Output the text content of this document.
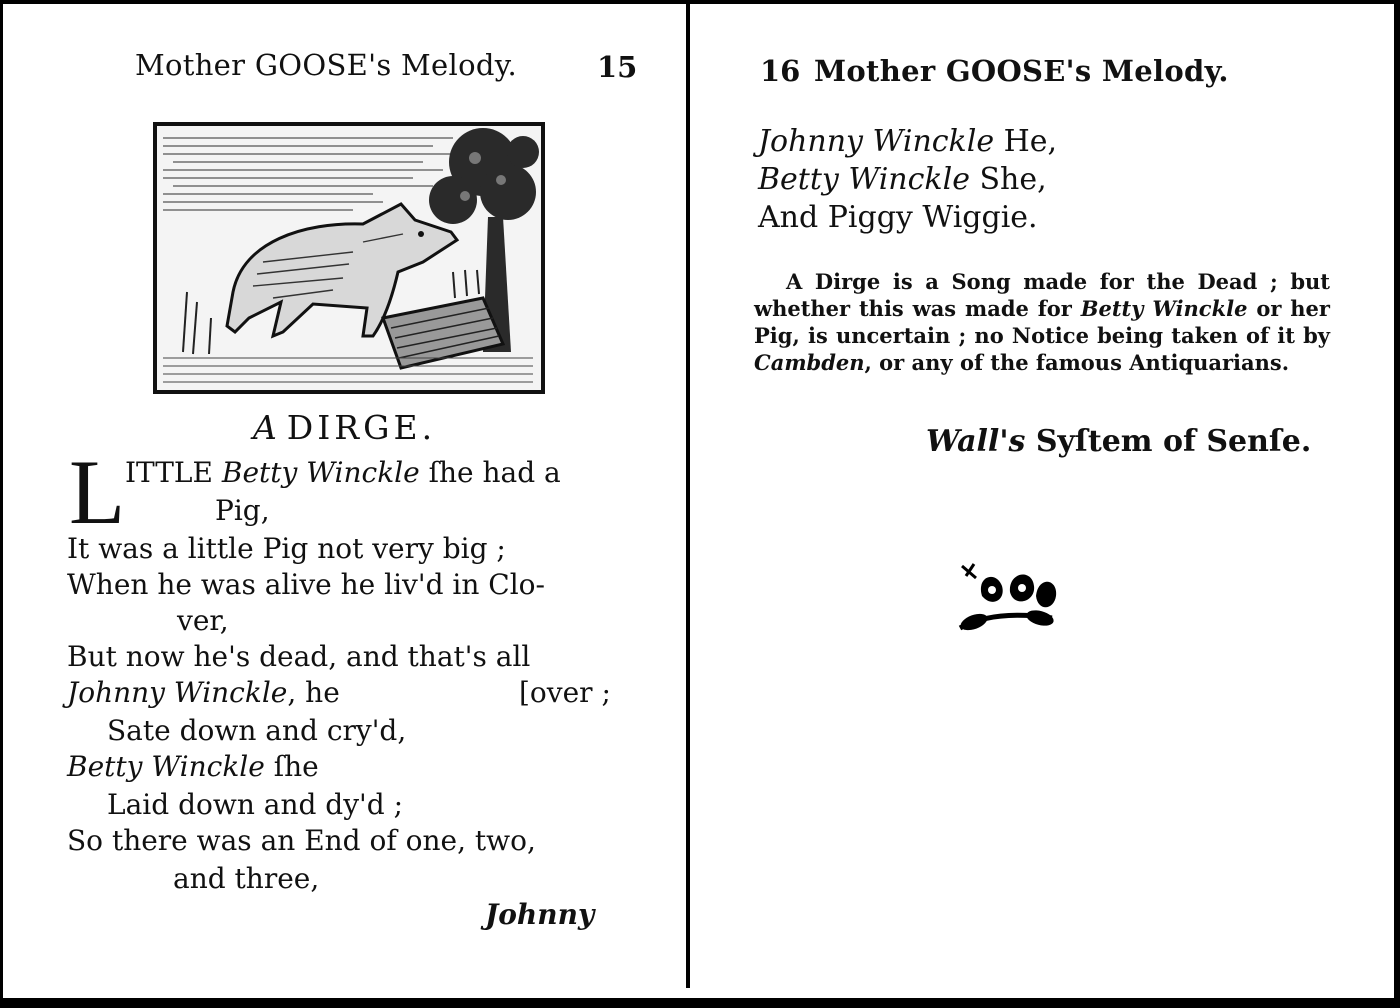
Mother GOOSE's Melody.	15
A DIRGE.
L ITTLE Betty Winckle ſhe had a
Pig,
It was a little Pig not very big ;
When he was alive he liv'd in Clo-
ver,
But now he's dead, and that's all
Johnny Winckle, he	[over ;
Sate down and cry'd,
Betty Winckle ſhe
Laid down and dy'd ;
So there was an End of one, two,
and three,
Johnny
16 Mother GOOSE's Melody.
Johnny Winckle He,
Betty Winckle She,
And Piggy Wiggie.
A Dirge is a Song made for the Dead ; but whether this was made for Betty Winckle or her Pig, is uncertain ; no Notice being taken of it by Cambden, or any of the famous Antiquarians.
Wall's Syſtem of Senſe.
